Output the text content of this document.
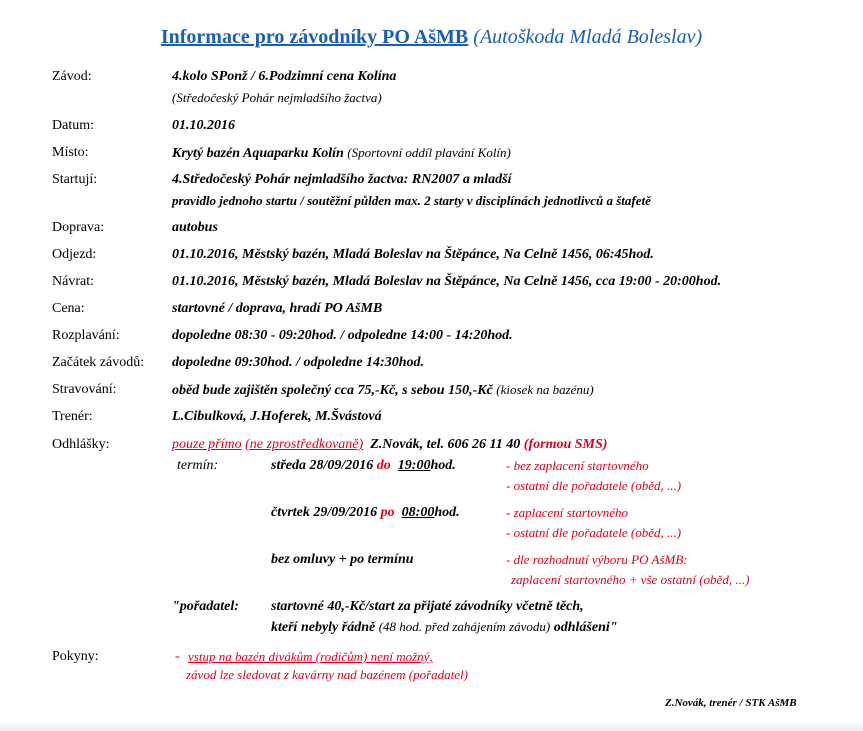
Informace pro závodníky PO AšMB (Autoškoda Mladá Boleslav)
Závod:	4.kolo SPonž / 6.Podzimní cena Kolína
(Středočeský Pohár nejmladšího žactva)
Datum:	01.10.2016
Místo:	Krytý bazén Aquaparku Kolín (Sportovní oddíl plavání Kolín)
Startují:	4.Středočeský Pohár nejmladšího žactva: RN2007 a mladší
pravidlo jednoho startu / soutěžní půlden max. 2 starty v disciplínách jednotlivců a štafetě
Doprava:	autobus
Odjezd:	01.10.2016, Městský bazén, Mladá Boleslav na Štěpánce, Na Celně 1456, 06:45hod.
Návrat:	01.10.2016, Městský bazén, Mladá Boleslav na Štěpánce, Na Celně 1456, cca 19:00 - 20:00hod.
Cena:	startovné / doprava, hradí PO AšMB
Rozplavání:	dopoledne 08:30 - 09:20hod. / odpoledne 14:00 - 14:20hod.
Začátek závodů: dopoledne 09:30hod. / odpoledne 14:30hod.
Stravování:	oběd bude zajištěn společný cca 75,-Kč, s sebou 150,-Kč (kiosek na bazénu)
Trenér:	L.Cibulková, J.Hoferek, M.Švástová
Odhlášky:	pouze přímo (ne zprostředkovaně) Z.Novák, tel. 606 26 11 40 (formou SMS)
termín:	středa 28/09/2016 do 19:00hod.	- bez zaplacení startovného
- ostatní dle pořadatele (oběd, ...)
čtvrtek 29/09/2016 po 08:00hod.	- zaplacení startovného
- ostatní dle pořadatele (oběd, ...)
bez omluvy + po termínu	- dle rozhodnutí výboru PO AšMB:
zaplacení startovného + vše ostatní (oběd, ...)
"pořadatel: startovné 40,-Kč/start za přijaté závodníky včetně těch,
kteří nebyly řádně (48 hod. před zahájením závodu) odhlášeni"
Pokyny:	- vstup na bazén divákům (rodičům) není možný,
závod lze sledovat z kavárny nad bazénem (pořadatel)
Z.Novák, trenér / STK AšMB
